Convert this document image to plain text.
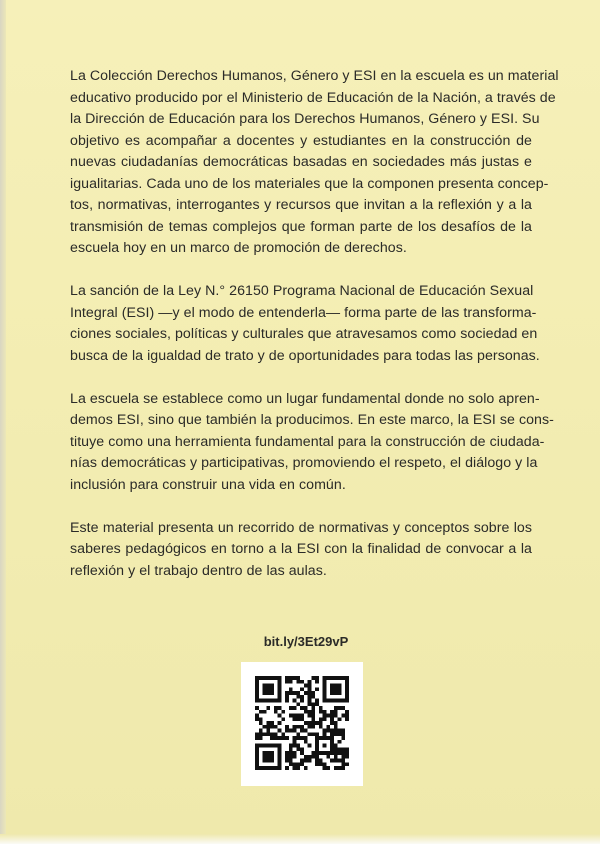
La Colección Derechos Humanos, Género y ESI en la escuela es un material
educativo producido por el Ministerio de Educación de la Nación, a través de
la Dirección de Educación para los Derechos Humanos, Género y ESI. Su
objetivo es acompañar a docentes y estudiantes en la construcción de
nuevas ciudadanías democráticas basadas en sociedades más justas e
igualitarias. Cada uno de los materiales que la componen presenta concep-
tos, normativas, interrogantes y recursos que invitan a la reflexión y a la
transmisión de temas complejos que forman parte de los desafíos de la
escuela hoy en un marco de promoción de derechos.

La sanción de la Ley N.° 26150 Programa Nacional de Educación Sexual
Integral (ESI) —y el modo de entenderla— forma parte de las transforma-
ciones sociales, políticas y culturales que atravesamos como sociedad en
busca de la igualdad de trato y de oportunidades para todas las personas.

La escuela se establece como un lugar fundamental donde no solo apren-
demos ESI, sino que también la producimos. En este marco, la ESI se cons-
tituye como una herramienta fundamental para la construcción de ciudada-
nías democráticas y participativas, promoviendo el respeto, el diálogo y la
inclusión para construir una vida en común.

Este material presenta un recorrido de normativas y conceptos sobre los
saberes pedagógicos en torno a la ESI con la finalidad de convocar a la
reflexión y el trabajo dentro de las aulas.

bit.ly/3Et29vP
